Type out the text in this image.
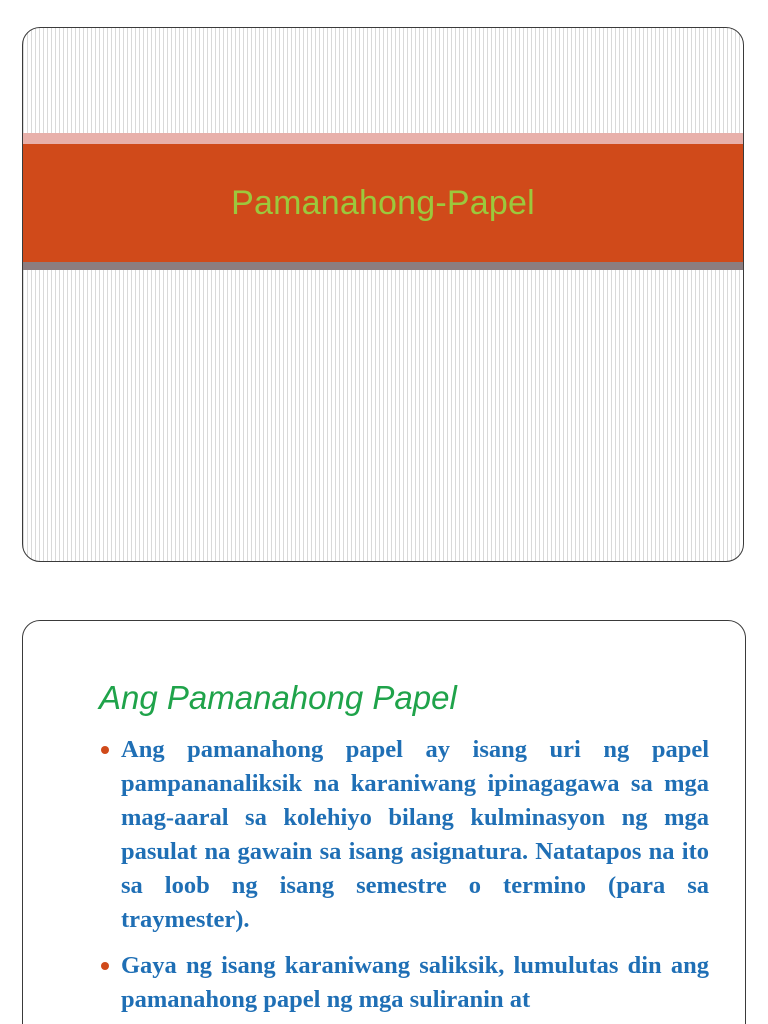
Pamanahong-Papel
Ang Pamanahong Papel
Ang pamanahong papel ay isang uri ng papel pampananaliksik na karaniwang ipinagagawa sa mga mag-aaral sa kolehiyo bilang kulminasyon ng mga pasulat na gawain sa isang asignatura. Natatapos na ito sa loob ng isang semestre o termino (para sa traymester).
Gaya ng isang karaniwang saliksik, lumulutas din ang pamanahong papel ng mga suliranin at
